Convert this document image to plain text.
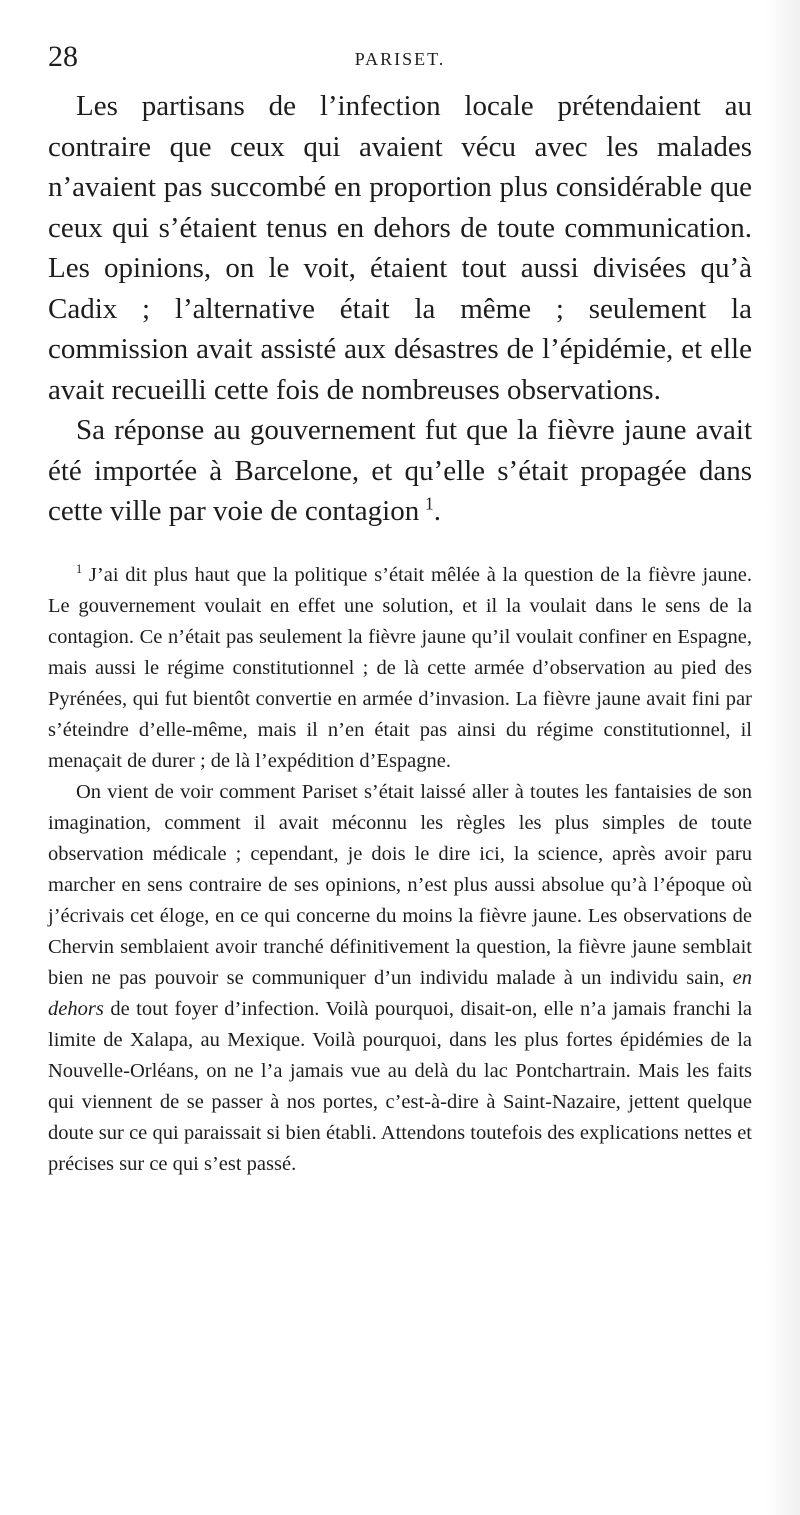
28	PARISET.

Les partisans de l’infection locale prétendaient au contraire que ceux qui avaient vécu avec les malades n’avaient pas succombé en proportion plus considérable que ceux qui s’étaient tenus en dehors de toute communication. Les opinions, on le voit, étaient tout aussi divisées qu’à Cadix ; l’alternative était la même ; seulement la commission avait assisté aux désastres de l’épidémie, et elle avait recueilli cette fois de nombreuses observations.

Sa réponse au gouvernement fut que la fièvre jaune avait été importée à Barcelone, et qu’elle s’était propagée dans cette ville par voie de contagion  $^1$.

$^1$ J’ai dit plus haut que la politique s’était mêlée à la question de la fièvre jaune. Le gouvernement voulait en effet une solution, et il la voulait dans le sens de la contagion. Ce n’était pas seulement la fièvre jaune qu’il voulait confiner en Espagne, mais aussi le régime constitutionnel ; de là cette armée d’observation au pied des Pyrénées, qui fut bientôt convertie en armée d’invasion. La fièvre jaune avait fini par s’éteindre d’elle-même, mais il n’en était pas ainsi du régime constitutionnel, il menaçait de durer ; de là l’expédition d’Espagne.

On vient de voir comment Pariset s’était laissé aller à toutes les fantaisies de son imagination, comment il avait méconnu les règles les plus simples de toute observation médicale ; cependant, je dois le dire ici, la science, après avoir paru marcher en sens contraire de ses opinions, n’est plus aussi absolue qu’à l’époque où j’écrivais cet éloge, en ce qui concerne du moins la fièvre jaune. Les observations de Chervin semblaient avoir tranché définitivement la question, la fièvre jaune semblait bien ne pas pouvoir se communiquer d’un individu malade à un individu sain, en dehors de tout foyer d’infection. Voilà pourquoi, disait-on, elle n’a jamais franchi la limite de Xalapa, au Mexique. Voilà pourquoi, dans les plus fortes épidémies de la Nouvelle-Orléans, on ne l’a jamais vue au delà du lac Pontchartrain. Mais les faits qui viennent de se passer à nos portes, c’est-à-dire à Saint-Nazaire, jettent quelque doute sur ce qui paraissait si bien établi. Attendons toutefois des explications nettes et précises sur ce qui s’est passé.
